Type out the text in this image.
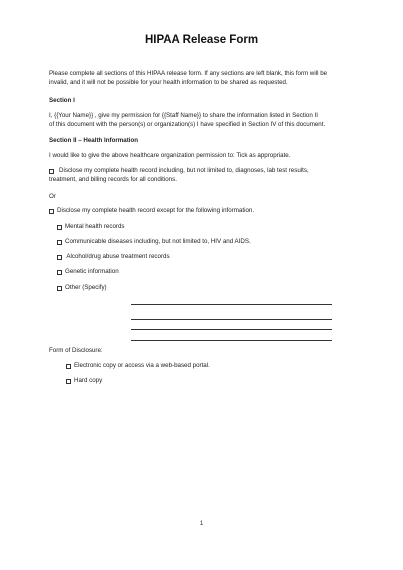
HIPAA Release Form
Please complete all sections of this HIPAA release form. If any sections are left blank, this form will be
invalid, and it will not be possible for your health information to be shared as requested.
Section I
I, {{Your Name}} , give my permission for {{Staff Name}} to share the information listed in Section II
of this document with the person(s) or organization(s) I have specified in Section IV of this document.
Section II – Health Information
I would like to give the above healthcare organization permission to: Tick as appropriate.
Disclose my complete health record including, but not limited to, diagnoses, lab test results,
treatment, and billing records for all conditions.
Or
Disclose my complete health record except for the following information.
Mental health records
Communicable diseases including, but not limited to, HIV and AIDS.
Alcohol/drug abuse treatment records
Genetic information
Other (Specify)
Form of Disclosure:
Electronic copy or access via a web-based portal.
Hard copy
1
